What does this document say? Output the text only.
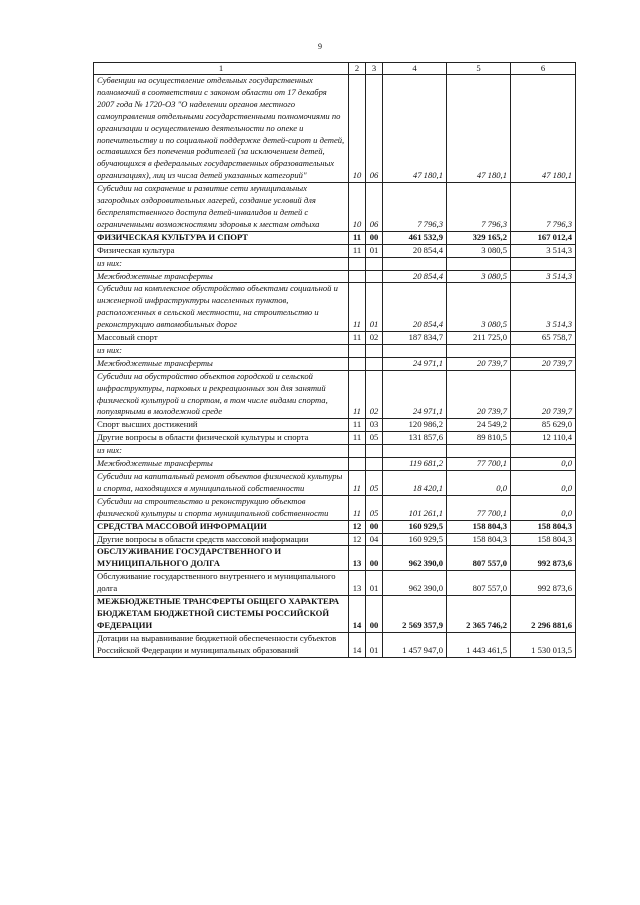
9
1	2	3	4	5	6
Субвенции на осуществление отдельных государственных полномочий в соответствии с законом области от 17 декабря 2007 года № 1720-ОЗ "О наделении органов местного самоуправления отдельными государственными полномочиями по организации и осуществлению деятельности по опеке и попечительству и по социальной поддержке детей-сирот и детей, оставшихся без попечения родителей (за исключением детей, обучающихся в федеральных государственных образовательных организациях), лиц из числа детей указанных категорий"	10	06	47 180,1	47 180,1	47 180,1
Субсидии на сохранение и развитие сети муниципальных загородных оздоровительных лагерей, создание условий для беспрепятственного доступа детей-инвалидов и детей с ограниченными возможностями здоровья к местам отдыха	10	06	7 796,3	7 796,3	7 796,3
ФИЗИЧЕСКАЯ КУЛЬТУРА И СПОРТ	11	00	461 532,9	329 165,2	167 012,4
Физическая культура	11	01	20 854,4	3 080,5	3 514,3
из них:					
Межбюджетные трансферты			20 854,4	3 080,5	3 514,3
Субсидии на комплексное обустройство объектами социальной и инженерной инфраструктуры населенных пунктов, расположенных в сельской местности, на строительство и реконструкцию автомобильных дорог	11	01	20 854,4	3 080,5	3 514,3
Массовый спорт	11	02	187 834,7	211 725,0	65 758,7
из них:					
Межбюджетные трансферты			24 971,1	20 739,7	20 739,7
Субсидии на обустройство объектов городской и сельской инфраструктуры, парковых и рекреационных зон для занятий физической культурой и спортом, в том числе видами спорта, популярными в молодежной среде	11	02	24 971,1	20 739,7	20 739,7
Спорт высших достижений	11	03	120 986,2	24 549,2	85 629,0
Другие вопросы в области физической культуры и спорта	11	05	131 857,6	89 810,5	12 110,4
из них:					
Межбюджетные трансферты			119 681,2	77 700,1	0,0
Субсидии на капитальный ремонт объектов физической культуры и спорта, находящихся в муниципальной собственности	11	05	18 420,1	0,0	0,0
Субсидии на строительство и реконструкцию объектов физической культуры и спорта муниципальной собственности	11	05	101 261,1	77 700,1	0,0
СРЕДСТВА МАССОВОЙ ИНФОРМАЦИИ	12	00	160 929,5	158 804,3	158 804,3
Другие вопросы в области средств массовой информации	12	04	160 929,5	158 804,3	158 804,3
ОБСЛУЖИВАНИЕ ГОСУДАРСТВЕННОГО И МУНИЦИПАЛЬНОГО ДОЛГА	13	00	962 390,0	807 557,0	992 873,6
Обслуживание государственного внутреннего и муниципального долга	13	01	962 390,0	807 557,0	992 873,6
МЕЖБЮДЖЕТНЫЕ ТРАНСФЕРТЫ ОБЩЕГО ХАРАКТЕРА БЮДЖЕТАМ БЮДЖЕТНОЙ СИСТЕМЫ РОССИЙСКОЙ ФЕДЕРАЦИИ	14	00	2 569 357,9	2 365 746,2	2 296 881,6
Дотации на выравнивание бюджетной обеспеченности субъектов Российской Федерации и муниципальных образований	14	01	1 457 947,0	1 443 461,5	1 530 013,5
